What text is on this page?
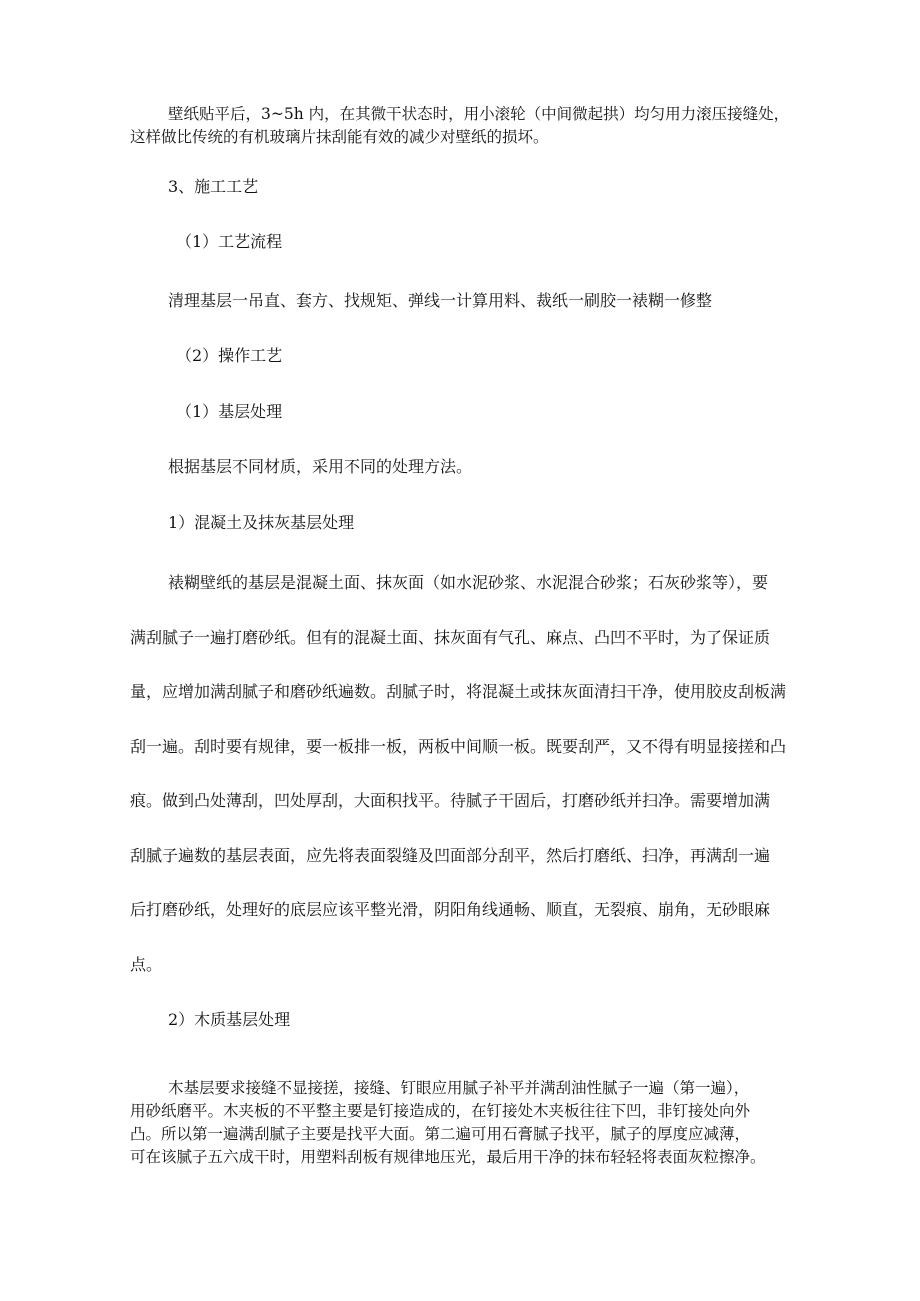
壁纸贴平后，3~5h 内，在其微干状态时，用小滚轮（中间微起拱）均匀用力滚压接缝处，
这样做比传统的有机玻璃片抹刮能有效的减少对壁纸的损坏。
3、施工工艺
（1）工艺流程
清理基层一吊直、套方、找规矩、弹线一计算用料、裁纸一刷胶一裱糊一修整
（2）操作工艺
（1）基层处理
根据基层不同材质，采用不同的处理方法。
1）混凝土及抹灰基层处理
裱糊壁纸的基层是混凝土面、抹灰面（如水泥砂浆、水泥混合砂浆；石灰砂浆等），要
满刮腻子一遍打磨砂纸。但有的混凝土面、抹灰面有气孔、麻点、凸凹不平时，为了保证质
量，应增加满刮腻子和磨砂纸遍数。刮腻子时，将混凝土或抹灰面清扫干净，使用胶皮刮板满
刮一遍。刮时要有规律，要一板排一板，两板中间顺一板。既要刮严，又不得有明显接搓和凸
痕。做到凸处薄刮，凹处厚刮，大面积找平。待腻子干固后，打磨砂纸并扫净。需要增加满
刮腻子遍数的基层表面，应先将表面裂缝及凹面部分刮平，然后打磨纸、扫净，再满刮一遍
后打磨砂纸，处理好的底层应该平整光滑，阴阳角线通畅、顺直，无裂痕、崩角，无砂眼麻
点。
2）木质基层处理
木基层要求接缝不显接搓，接缝、钉眼应用腻子补平并满刮油性腻子一遍（第一遍），
用砂纸磨平。木夹板的不平整主要是钉接造成的，在钉接处木夹板往往下凹，非钉接处向外
凸。所以第一遍满刮腻子主要是找平大面。第二遍可用石膏腻子找平，腻子的厚度应减薄，
可在该腻子五六成干时，用塑料刮板有规律地压光，最后用干净的抹布轻轻将表面灰粒擦净。
